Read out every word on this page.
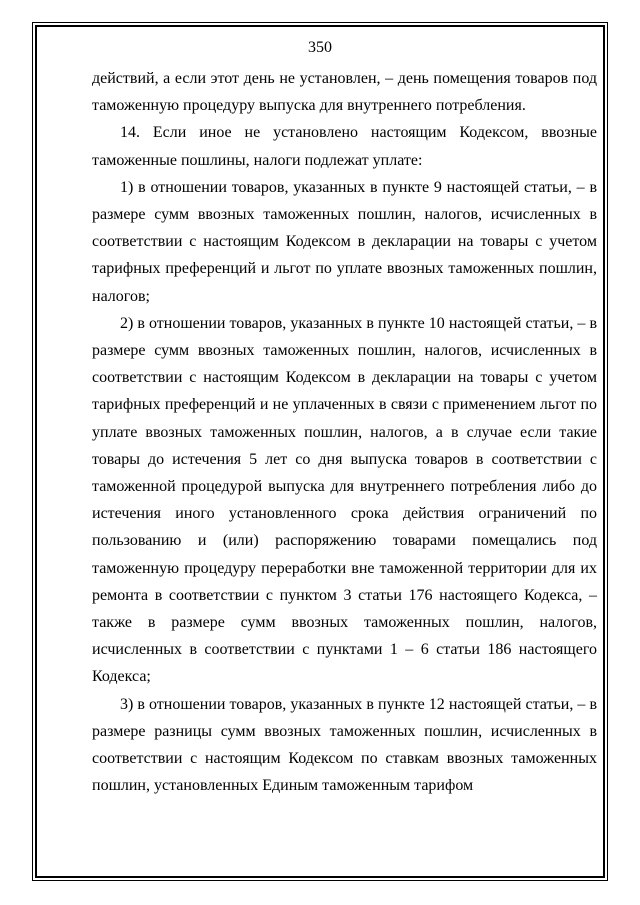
350

действий, а если этот день не установлен, – день помещения товаров под таможенную процедуру выпуска для внутреннего потребления.

14. Если иное не установлено настоящим Кодексом, ввозные таможенные пошлины, налоги подлежат уплате:

1) в отношении товаров, указанных в пункте 9 настоящей статьи, – в размере сумм ввозных таможенных пошлин, налогов, исчисленных в соответствии с настоящим Кодексом в декларации на товары с учетом тарифных преференций и льгот по уплате ввозных таможенных пошлин, налогов;

2) в отношении товаров, указанных в пункте 10 настоящей статьи, – в размере сумм ввозных таможенных пошлин, налогов, исчисленных в соответствии с настоящим Кодексом в декларации на товары с учетом тарифных преференций и не уплаченных в связи с применением льгот по уплате ввозных таможенных пошлин, налогов, а в случае если такие товары до истечения 5 лет со дня выпуска товаров в соответствии с таможенной процедурой выпуска для внутреннего потребления либо до истечения иного установленного срока действия ограничений по пользованию и (или) распоряжению товарами помещались под таможенную процедуру переработки вне таможенной территории для их ремонта в соответствии с пунктом 3 статьи 176 настоящего Кодекса, – также в размере сумм ввозных таможенных пошлин, налогов, исчисленных в соответствии с пунктами 1 – 6 статьи 186 настоящего Кодекса;

3) в отношении товаров, указанных в пункте 12 настоящей статьи, – в размере разницы сумм ввозных таможенных пошлин, исчисленных в соответствии с настоящим Кодексом по ставкам ввозных таможенных пошлин, установленных Единым таможенным тарифом
